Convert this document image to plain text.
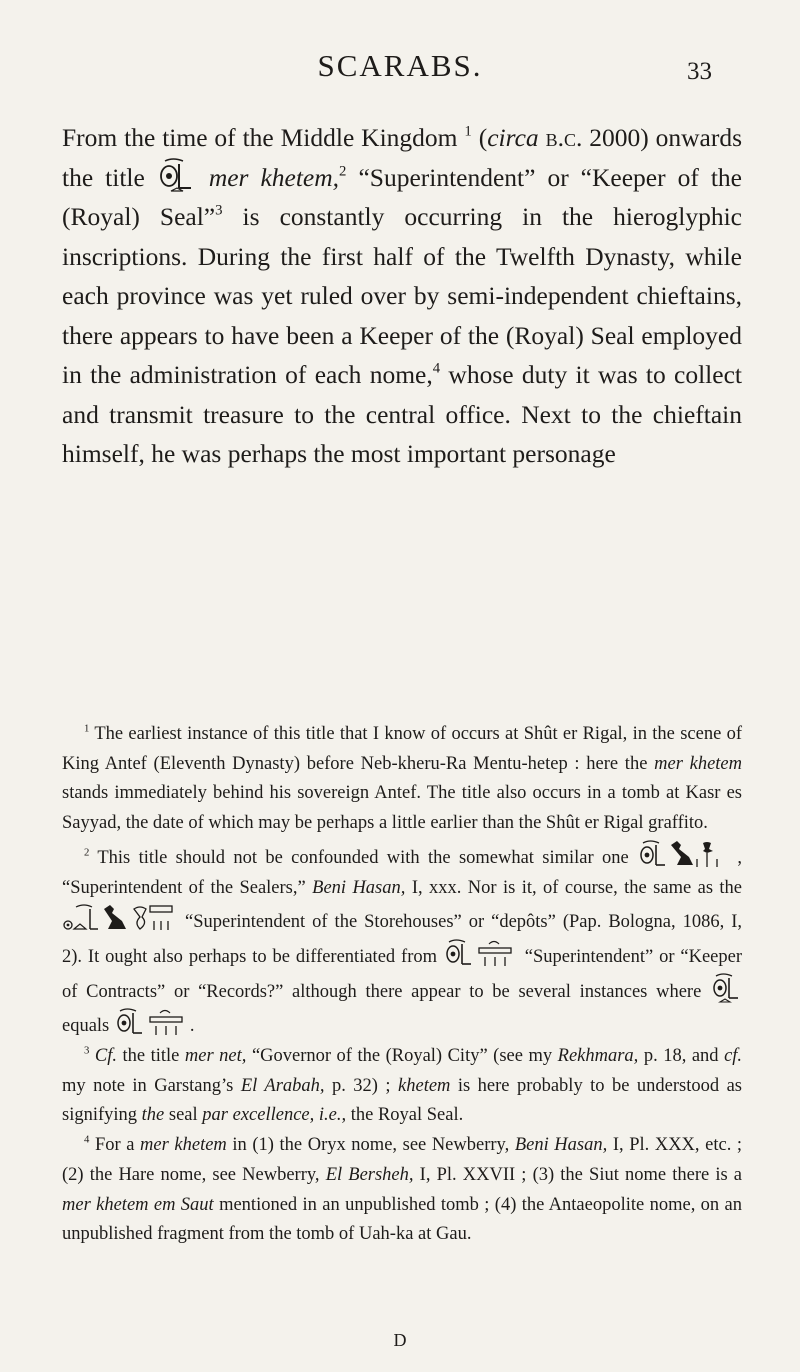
SCARABS.	33

From the time of the Middle Kingdom $^1$ (circa b.c. 2000) onwards the title	mer khetem,$^2$ “Superintendent” or “Keeper of the (Royal) Seal”$^3$ is constantly occurring in the hieroglyphic inscriptions. During the first half of the Twelfth Dynasty, while each province was yet ruled over by semi-independent chieftains, there appears to have been a Keeper of the (Royal) Seal employed in the administration of each nome,$^4$ whose duty it was to collect and transmit treasure to the central office. Next to the chieftain himself, he was perhaps the most important personage

$^1$ The earliest instance of this title that I know of occurs at Shût er Rigal, in the scene of King Antef (Eleventh Dynasty) before Neb-kheru-Ra Mentu-hetep : here the mer khetem stands immediately behind his sovereign Antef. The title also occurs in a tomb at Kasr es Sayyad, the date of which may be perhaps a little earlier than the Shût er Rigal graffito.

$^2$ This title should not be confounded with the somewhat similar one	, “Superintendent of the Sealers,” Beni Hasan, I, xxx. Nor is it, of course, the same as the
“Superintendent of the Storehouses” or “depôts” (Pap. Bologna, 1086, I, 2). It ought also perhaps to be differentiated from	“Superintendent” or “Keeper of Contracts” or “Records?” although there appear to be several instances where
equals	.

$^3$ Cf. the title mer net, “Governor of the (Royal) City” (see my Rekhmara, p. 18, and cf. my note in Garstang’s El Arabah, p. 32) ; khetem is here probably to be understood as signifying the seal par excellence, i.e., the Royal Seal.

$^4$ For a mer khetem in (1) the Oryx nome, see Newberry, Beni Hasan, I, Pl. XXX, etc. ; (2) the Hare nome, see Newberry, El Bersheh, I, Pl. XXVII ; (3) the Siut nome there is a mer khetem em Saut mentioned in an unpublished tomb ; (4) the Antaeopolite nome, on an unpublished fragment from the tomb of Uah-ka at Gau.

D
